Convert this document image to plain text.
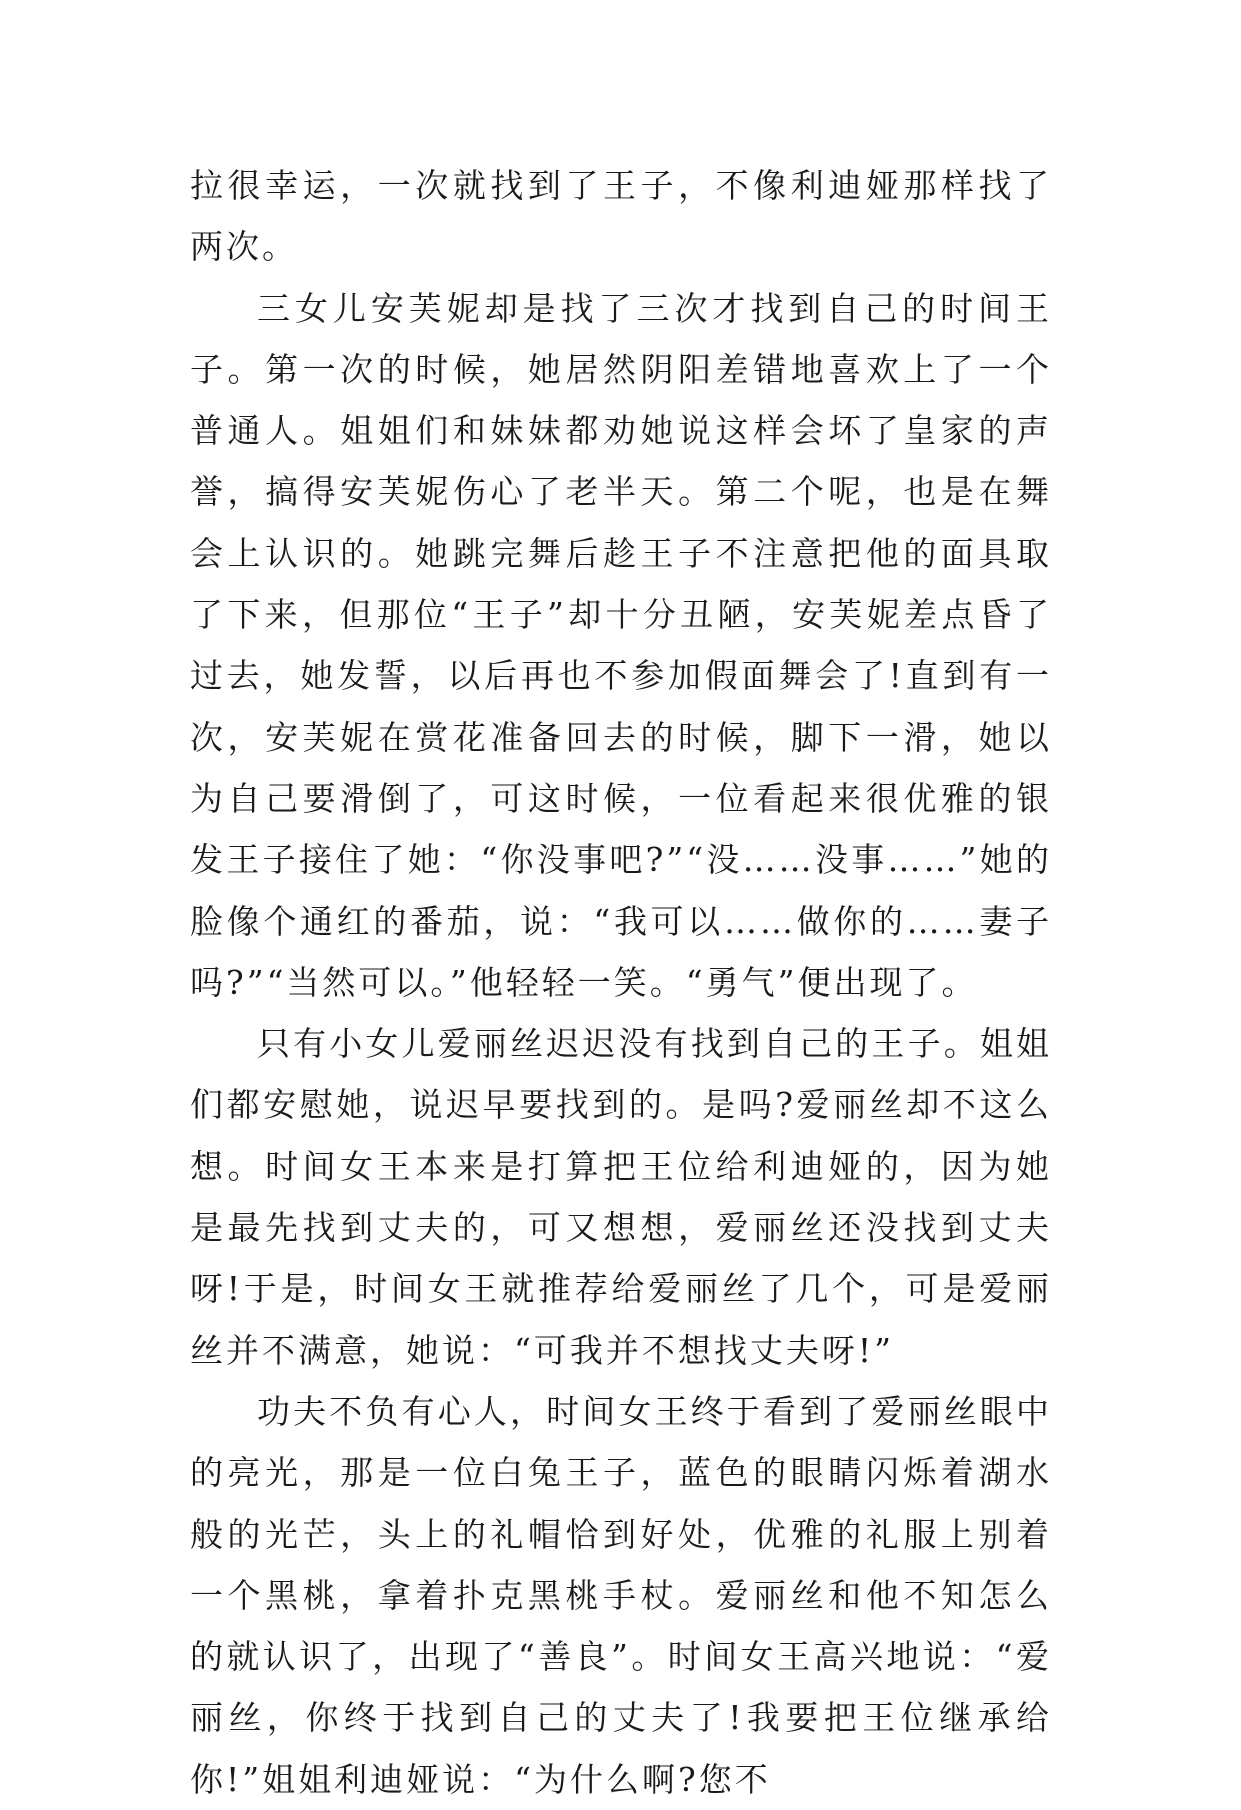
拉很幸运，一次就找到了王子，不像利迪娅那样找了两次。

三女儿安芙妮却是找了三次才找到自己的时间王子。第一次的时候，她居然阴阳差错地喜欢上了一个普通人。姐姐们和妹妹都劝她说这样会坏了皇家的声誉，搞得安芙妮伤心了老半天。第二个呢，也是在舞会上认识的。她跳完舞后趁王子不注意把他的面具取了下来，但那位“王子”却十分丑陋，安芙妮差点昏了过去，她发誓，以后再也不参加假面舞会了!直到有一次，安芙妮在赏花准备回去的时候，脚下一滑，她以为自己要滑倒了，可这时候，一位看起来很优雅的银发王子接住了她：“你没事吧?”“没……没事……”她的脸像个通红的番茄，说：“我可以……做你的……妻子吗?”“当然可以。”他轻轻一笑。“勇气”便出现了。

只有小女儿爱丽丝迟迟没有找到自己的王子。姐姐们都安慰她，说迟早要找到的。是吗?爱丽丝却不这么想。时间女王本来是打算把王位给利迪娅的，因为她是最先找到丈夫的，可又想想，爱丽丝还没找到丈夫呀!于是，时间女王就推荐给爱丽丝了几个，可是爱丽丝并不满意，她说：“可我并不想找丈夫呀!”

功夫不负有心人，时间女王终于看到了爱丽丝眼中的亮光，那是一位白兔王子，蓝色的眼睛闪烁着湖水般的光芒，头上的礼帽恰到好处，优雅的礼服上别着一个黑桃，拿着扑克黑桃手杖。爱丽丝和他不知怎么的就认识了，出现了“善良”。时间女王高兴地说：“爱丽丝，你终于找到自己的丈夫了!我要把王位继承给你!”姐姐利迪娅说：“为什么啊?您不
